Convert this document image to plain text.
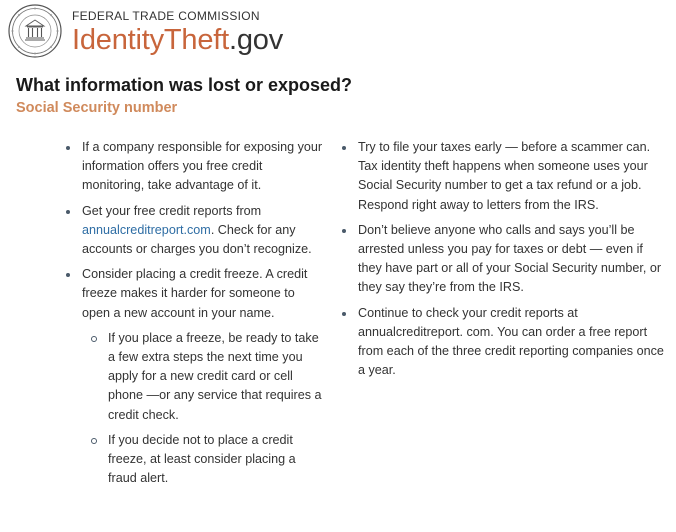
FEDERAL TRADE COMMISSION
IdentityTheft.gov
What information was lost or exposed?
Social Security number
If a company responsible for exposing your information offers you free credit monitoring, take advantage of it.
Get your free credit reports from annualcreditreport.com. Check for any accounts or charges you don’t recognize.
Consider placing a credit freeze. A credit freeze makes it harder for someone to open a new account in your name.
If you place a freeze, be ready to take a few extra steps the next time you apply for a new credit card or cell phone —or any service that requires a credit check.
If you decide not to place a credit freeze, at least consider placing a fraud alert.
Try to file your taxes early — before a scammer can. Tax identity theft happens when someone uses your Social Security number to get a tax refund or a job. Respond right away to letters from the IRS.
Don’t believe anyone who calls and says you’ll be arrested unless you pay for taxes or debt — even if they have part or all of your Social Security number, or they say they’re from the IRS.
Continue to check your credit reports at annualcreditreport. com. You can order a free report from each of the three credit reporting companies once a year.
